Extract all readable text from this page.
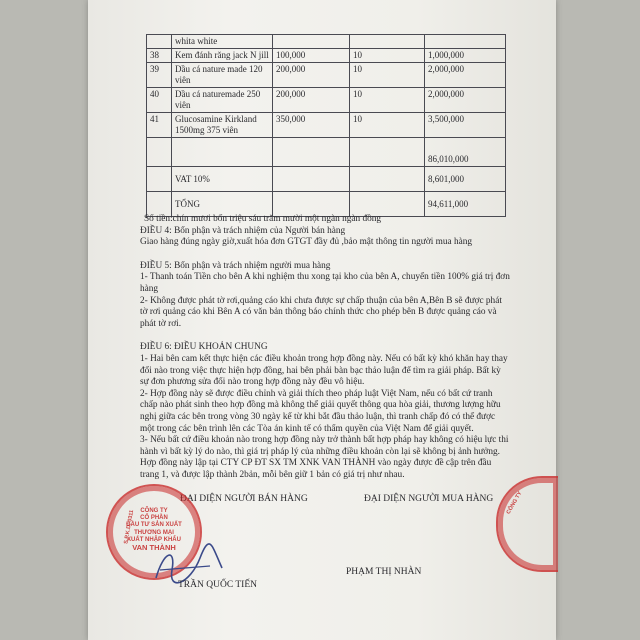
	whita white			
38	Kem đánh răng jack N jill	100,000	10	1,000,000
39	Dầu cá nature made 120 viên	200,000	10	2,000,000
40	Dầu cá naturemade 250 viên	200,000	10	2,000,000
41	Glucosamine Kirkland 1500mg 375 viên	350,000	10	3,500,000
				86,010,000
	VAT 10%			8,601,000
	TỔNG			94,611,000

Số tiền:chín mươi bốn triệu sáu trăm mười một ngàn ngàn đồng

ĐIỀU 4: Bổn phận và trách nhiệm của Người bán hàng

Giao hàng đúng ngày giờ,xuất hóa đơn GTGT đầy đủ ,bảo mật thông tin người mua hàng

ĐIỀU 5: Bổn phận và trách nhiệm người mua hàng

1- Thanh toán Tiền cho bên A khi nghiệm thu xong tại kho của bên A, chuyển tiền 100% giá trị đơn hàng

2- Không được phát tờ rơi,quảng cáo khi chưa được sự chấp thuận của bên A,Bên B sẽ được phát tờ rơi quảng cáo khi Bên A có văn bản thông báo chính thức cho phép bên B được quảng cáo và phát tờ rơi.

ĐIỀU 6: ĐIỀU KHOẢN CHUNG

1- Hai bên cam kết thực hiện các điều khoản trong hợp đồng này. Nếu có bất kỳ khó khăn hay thay đổi nào trong việc thực hiện hợp đồng, hai bên phải bàn bạc thảo luận để tìm ra giải pháp. Bất kỳ sự đơn phương sửa đổi nào trong hợp đồng này đều vô hiệu.

2- Hợp đồng này sẽ được điều chỉnh và giải thích theo pháp luật Việt Nam, nếu có bất cứ tranh chấp nào phát sinh theo hợp đồng mà không thể giải quyết thông qua hòa giải, thương lượng hữu nghị giữa các bên trong vòng 30 ngày kể từ khi bắt đầu thảo luận, thì tranh chấp đó có thể được một trong các bên trình lên các Tòa án kinh tế có thẩm quyền của Việt Nam để giải quyết.

3- Nếu bất cứ điều khoản nào trong hợp đồng này trở thành bất hợp pháp hay không có hiệu lực thi hành vì bất kỳ lý do nào, thì giá trị pháp lý của những điều khoản còn lại sẽ không bị ảnh hưởng.

Hợp đồng này lập tại CTY CP ĐT SX TM XNK VAN THÀNH vào ngày được đề cập trên đầu trang 1, và được lập thành 2bản, mỗi bên giữ 1 bản có giá trị như nhau.

ĐẠI DIỆN NGƯỜI BÁN HÀNG	ĐẠI DIỆN NGƯỜI MUA HÀNG
S.P.K.D: 0311 CÔNG TY
CỔ PHẦN
ĐẦU TƯ SẢN XUẤT
THƯƠNG MẠI
XUẤT NHẬP KHẨU
VAN THÀNH
CÔNG TY
TRẦN QUỐC TIẾN
PHẠM THỊ NHÀN
